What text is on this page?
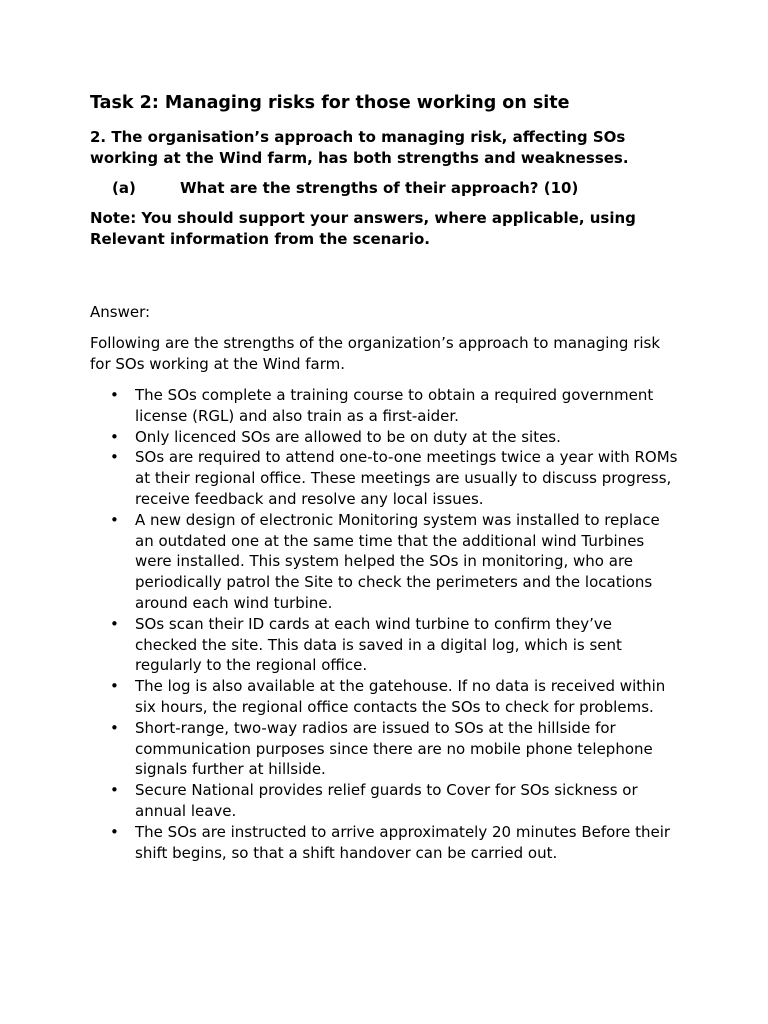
Task 2: Managing risks for those working on site
2. The organisation’s approach to managing risk, affecting SOs working at the Wind farm, has both strengths and weaknesses.
(a)	What are the strengths of their approach? (10)
Note: You should support your answers, where applicable, using Relevant information from the scenario.
Answer:
Following are the strengths of the organization’s approach to managing risk for SOs working at the Wind farm.
• The SOs complete a training course to obtain a required government license (RGL) and also train as a first-aider.
• Only licenced SOs are allowed to be on duty at the sites.
• SOs are required to attend one-to-one meetings twice a year with ROMs at their regional office. These meetings are usually to discuss progress, receive feedback and resolve any local issues.
• A new design of electronic Monitoring system was installed to replace an outdated one at the same time that the additional wind Turbines were installed. This system helped the SOs in monitoring, who are periodically patrol the Site to check the perimeters and the locations around each wind turbine.
• SOs scan their ID cards at each wind turbine to confirm they’ve checked the site. This data is saved in a digital log, which is sent regularly to the regional office.
• The log is also available at the gatehouse. If no data is received within six hours, the regional office contacts the SOs to check for problems.
• Short-range, two-way radios are issued to SOs at the hillside for communication purposes since there are no mobile phone telephone signals further at hillside.
• Secure National provides relief guards to Cover for SOs sickness or annual leave.
• The SOs are instructed to arrive approximately 20 minutes Before their shift begins, so that a shift handover can be carried out.
